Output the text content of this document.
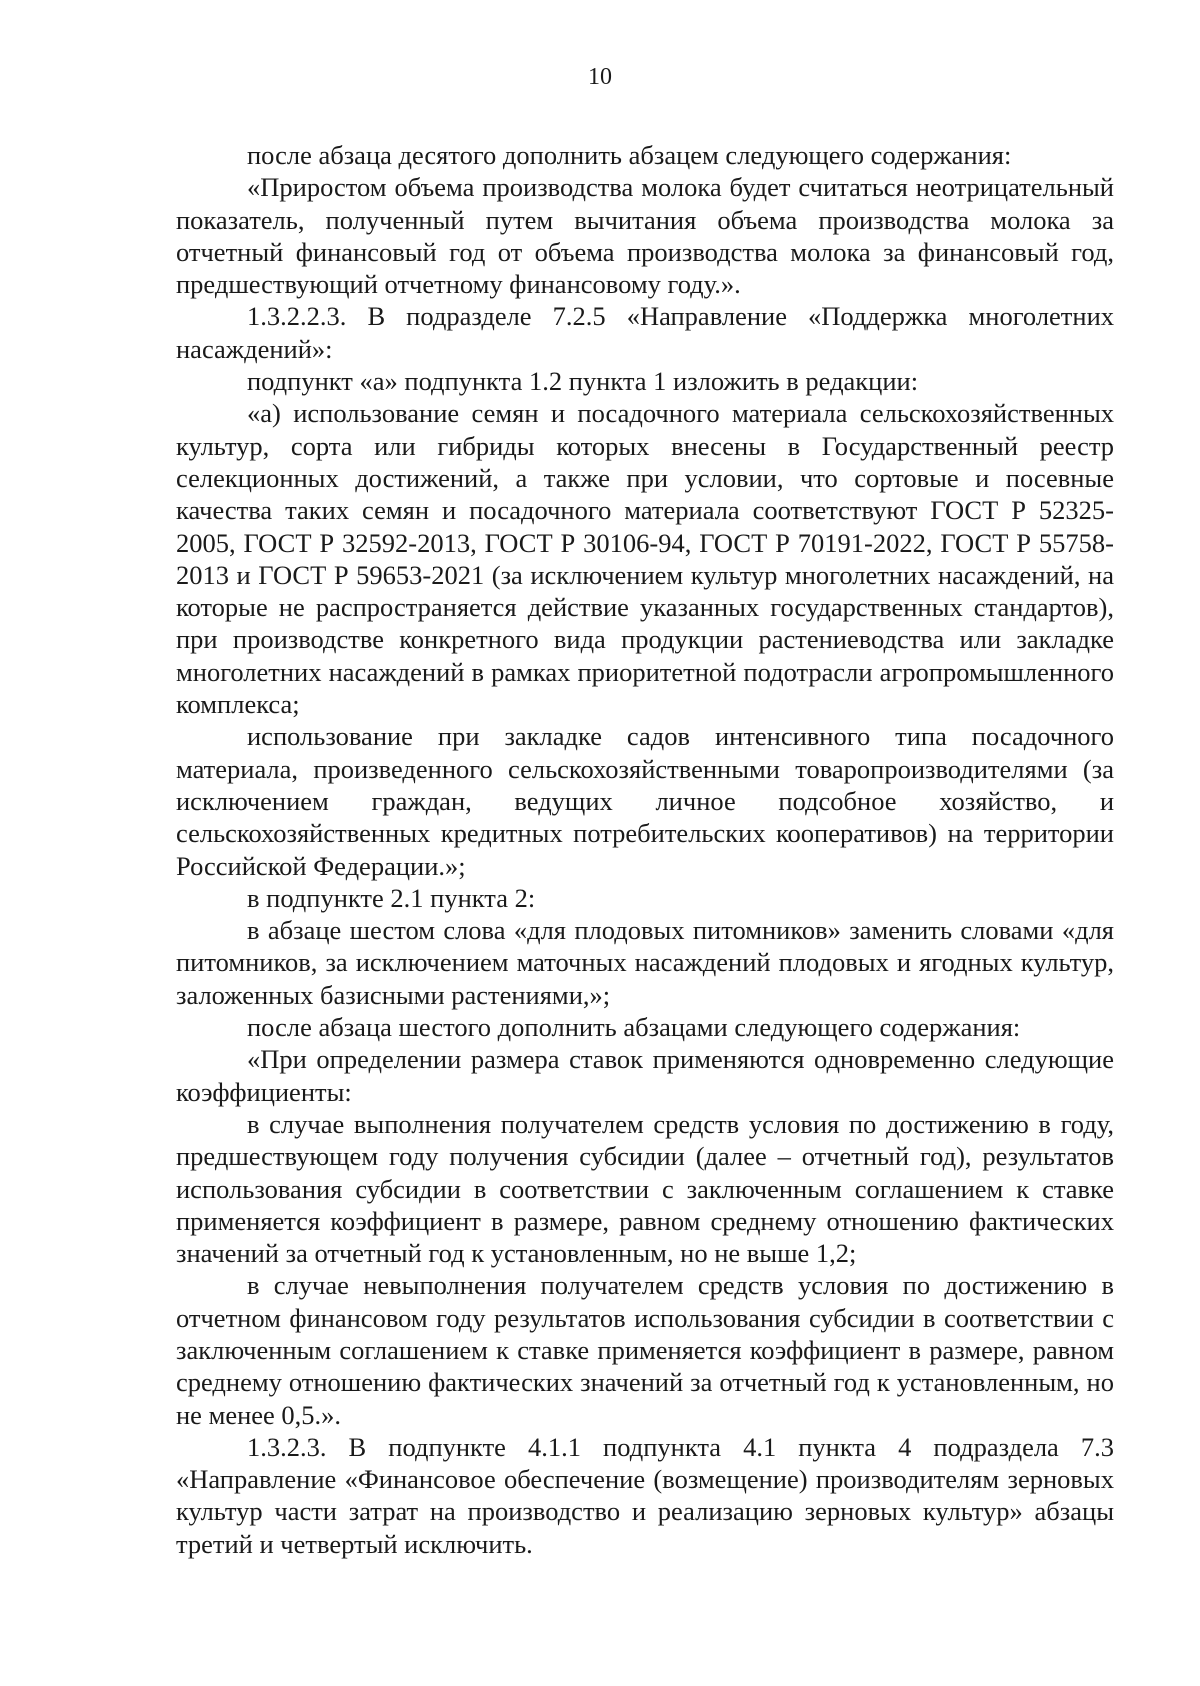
10

после абзаца десятого дополнить абзацем следующего содержания:

«Приростом объема производства молока будет считаться неотрицательный показатель, полученный путем вычитания объема производства молока за отчетный финансовый год от объема производства молока за финансовый год, предшествующий отчетному финансовому году.».

1.3.2.2.3. В подразделе 7.2.5 «Направление «Поддержка многолетних насаждений»:

подпункт «а» подпункта 1.2 пункта 1 изложить в редакции:

«а) использование семян и посадочного материала сельскохозяйственных культур, сорта или гибриды которых внесены в Государственный реестр селекционных достижений, а также при условии, что сортовые и посевные качества таких семян и посадочного материала соответствуют ГОСТ Р 52325-2005, ГОСТ Р 32592-2013, ГОСТ Р 30106-94, ГОСТ Р 70191-2022, ГОСТ Р 55758-2013 и ГОСТ Р 59653-2021 (за исключением культур многолетних насаждений, на которые не распространяется действие указанных государственных стандартов), при производстве конкретного вида продукции растениеводства или закладке многолетних насаждений в рамках приоритетной подотрасли агропромышленного комплекса;

использование при закладке садов интенсивного типа посадочного материала, произведенного сельскохозяйственными товаропроизводителями (за исключением граждан, ведущих личное подсобное хозяйство, и сельскохозяйственных кредитных потребительских кооперативов) на территории Российской Федерации.»;

в подпункте 2.1 пункта 2:

в абзаце шестом слова «для плодовых питомников» заменить словами «для питомников, за исключением маточных насаждений плодовых и ягодных культур, заложенных базисными растениями,»;

после абзаца шестого дополнить абзацами следующего содержания:

«При определении размера ставок применяются одновременно следующие коэффициенты:

в случае выполнения получателем средств условия по достижению в году, предшествующем году получения субсидии (далее – отчетный год), результатов использования субсидии в соответствии с заключенным соглашением к ставке применяется коэффициент в размере, равном среднему отношению фактических значений за отчетный год к установленным, но не выше 1,2;

в случае невыполнения получателем средств условия по достижению в отчетном финансовом году результатов использования субсидии в соответствии с заключенным соглашением к ставке применяется коэффициент в размере, равном среднему отношению фактических значений за отчетный год к установленным, но не менее 0,5.».

1.3.2.3. В подпункте 4.1.1 подпункта 4.1 пункта 4 подраздела 7.3 «Направление «Финансовое обеспечение (возмещение) производителям зерновых культур части затрат на производство и реализацию зерновых культур» абзацы третий и четвертый исключить.
